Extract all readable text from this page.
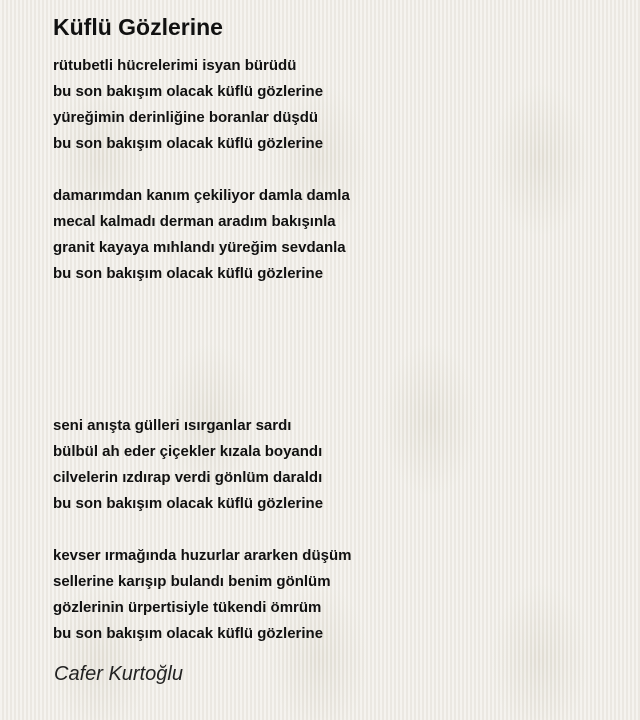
Küflü Gözlerine
rütubetli hücrelerimi isyan bürüdü
bu son bakışım olacak küflü gözlerine
yüreğimin derinliğine boranlar düşdü
bu son bakışım olacak küflü gözlerine
damarımdan kanım çekiliyor damla damla
mecal kalmadı derman aradım bakışınla
granit kayaya mıhlandı yüreğim sevdanla
bu son bakışım olacak küflü gözlerine
seni anışta gülleri ısırganlar sardı
bülbül ah eder çiçekler kızala boyandı
cilvelerin ızdırap verdi gönlüm daraldı
bu son bakışım olacak küflü gözlerine
kevser ırmağında huzurlar ararken düşüm
sellerine karışıp bulandı benim gönlüm
gözlerinin ürpertisiyle tükendi ömrüm
bu son bakışım olacak küflü gözlerine
Cafer Kurtoğlu
